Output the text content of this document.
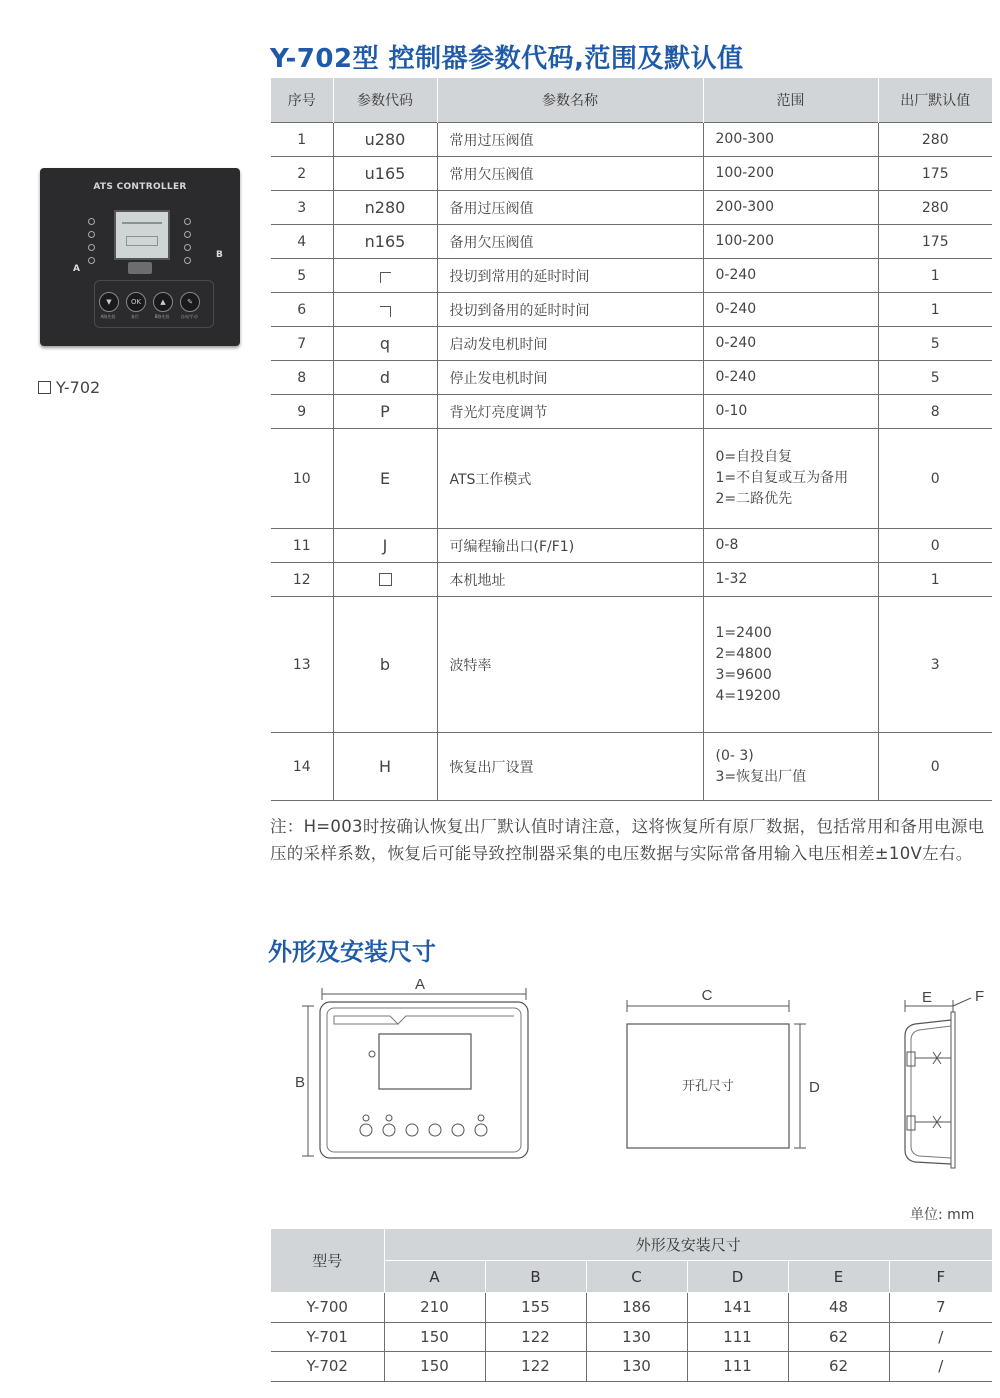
Y-702型 控制器参数代码,范围及默认值
ATS CONTROLLER
A
B
▼	OK	▲	✎
A路先投	复位	B路先投	自动/手动
Y-702
序号	参数代码	参数名称	范围	出厂默认值
1	u280	常用过压阀值	200-300	280
2	u165	常用欠压阀值	100-200	175
3	n280	备用过压阀值	200-300	280
4	n165	备用欠压阀值	100-200	175
5		投切到常用的延时时间	0-240	1
6		投切到备用的延时时间	0-240	1
7	q	启动发电机时间	0-240	5
8	d	停止发电机时间	0-240	5
9	P	背光灯亮度调节	0-10	8
10	E	ATS工作模式	0=自投自复
1=不自复或互为备用
2=二路优先	0
11	J	可编程输出口(F/F1)	0-8	0
12		本机地址	1-32	1
13	b	波特率	1=2400
2=4800
3=9600
4=19200	3
14	H	恢复出厂设置	(0- 3)
3=恢复出厂值	0
注：H=003时按确认恢复出厂默认值时请注意，这将恢复所有原厂数据，包括常用和备用电源电压的采样系数，恢复后可能导致控制器采集的电压数据与实际常备用输入电压相差±10V左右。
外形及安装尺寸
A
B
C
开孔尺寸	D
E	F
单位: mm
型号	外形及安装尺寸					
	A	B	C	D	E	F
Y-700	210	155	186	141	48	7
Y-701	150	122	130	111	62	/
Y-702	150	122	130	111	62	/
